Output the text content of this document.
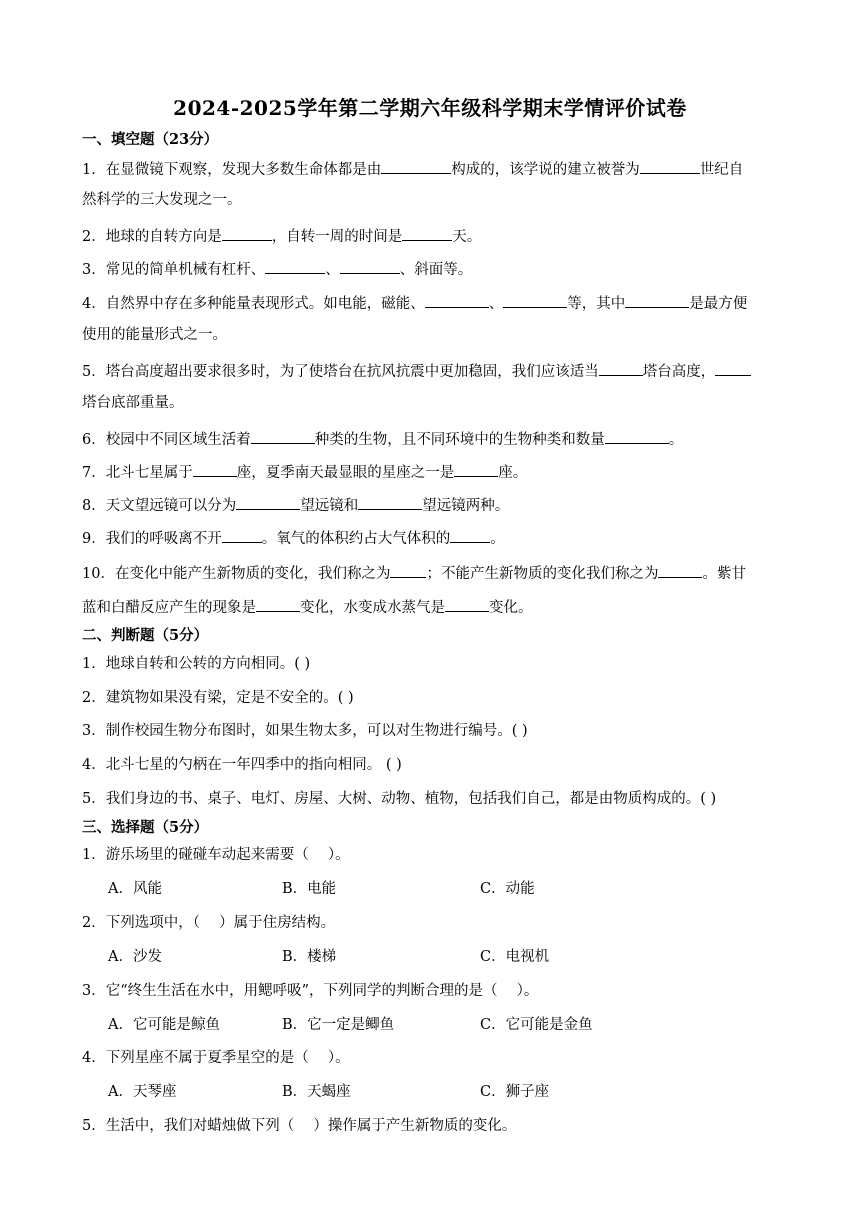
2024-2025学年第二学期六年级科学期末学情评价试卷
一、填空题（23分）
1．在显微镜下观察，发现大多数生命体都是由	构成的，该学说的建立被誉为	世纪自
然科学的三大发现之一。
2．地球的自转方向是	，自转一周的时间是	天。
3．常见的简单机械有杠杆、	、	、斜面等。
4．自然界中存在多种能量表现形式。如电能，磁能、	、	等，其中	是最方便
使用的能量形式之一。
5．塔台高度超出要求很多时，为了使塔台在抗风抗震中更加稳固，我们应该适当	塔台高度，
塔台底部重量。
6．校园中不同区域生活着	种类的生物，且不同环境中的生物种类和数量	。
7．北斗七星属于	座，夏季南天最显眼的星座之一是	座。
8．天文望远镜可以分为	望远镜和	望远镜两种。
9．我们的呼吸离不开	。氧气的体积约占大气体积的	。
10．在变化中能产生新物质的变化，我们称之为 ；不能产生新物质的变化我们称之为	。紫甘
蓝和白醋反应产生的现象是	变化，水变成水蒸气是	变化。
二、判断题（5分）
1．地球自转和公转的方向相同。( )
2．建筑物如果没有梁，定是不安全的。( )
3．制作校园生物分布图时，如果生物太多，可以对生物进行编号。( )
4．北斗七星的勺柄在一年四季中的指向相同。 ( )
5．我们身边的书、桌子、电灯、房屋、大树、动物、植物，包括我们自己，都是由物质构成的。( )
三、选择题（5分）
1．游乐场里的碰碰车动起来需要（　 ）。
A．风能	B．电能	C．动能
2．下列选项中，（　 ）属于住房结构。
A．沙发	B．楼梯	C．电视机
3．它“终生生活在水中，用鳃呼吸”，下列同学的判断合理的是（　 ）。
A．它可能是鲸鱼	B．它一定是鲫鱼	C．它可能是金鱼
4．下列星座不属于夏季星空的是（　 ）。
A．天琴座	B．天蝎座	C．狮子座
5．生活中，我们对蜡烛做下列（　 ）操作属于产生新物质的变化。
